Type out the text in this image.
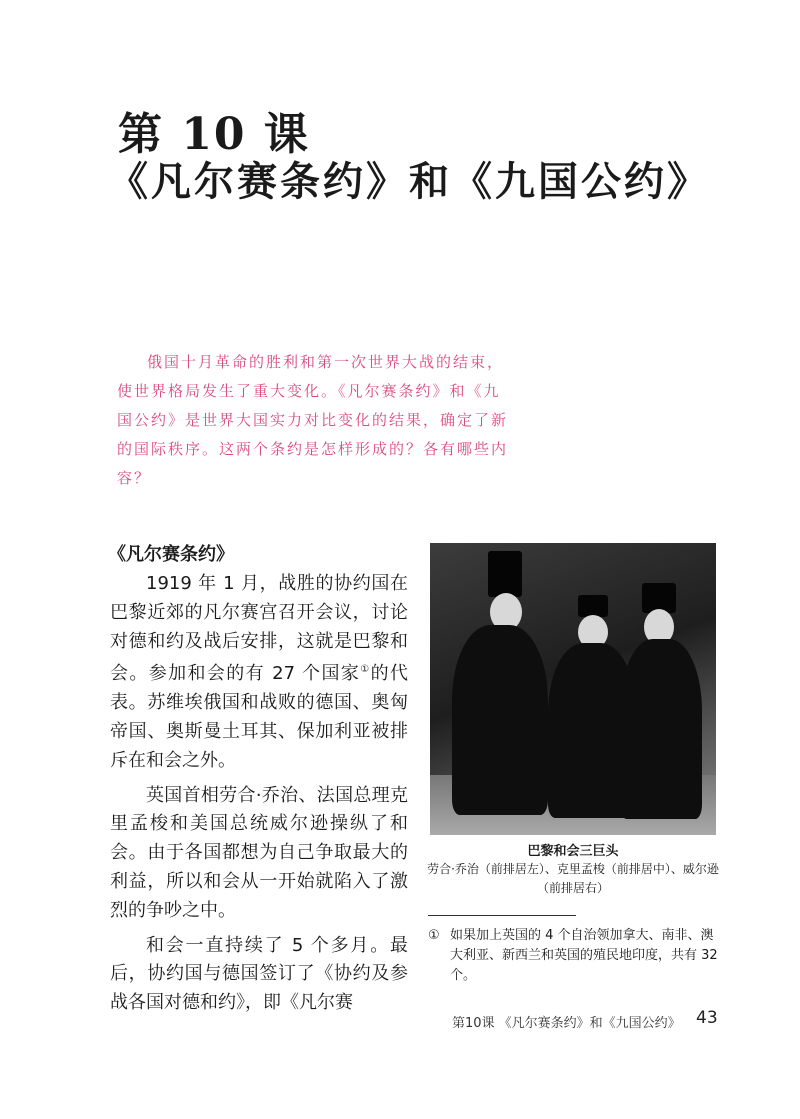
第 10 课
《凡尔赛条约》和《九国公约》
俄国十月革命的胜利和第一次世界大战的结束，使世界格局发生了重大变化。《凡尔赛条约》和《九国公约》是世界大国实力对比变化的结果，确定了新的国际秩序。这两个条约是怎样形成的？各有哪些内容？
《凡尔赛条约》

1919 年 1 月，战胜的协约国在巴黎近郊的凡尔赛宫召开会议，讨论对德和约及战后安排，这就是巴黎和会。参加和会的有 27 个国家①的代表。苏维埃俄国和战败的德国、奥匈帝国、奥斯曼土耳其、保加利亚被排斥在和会之外。

英国首相劳合·乔治、法国总理克里孟梭和美国总统威尔逊操纵了和会。由于各国都想为自己争取最大的利益，所以和会从一开始就陷入了激烈的争吵之中。

和会一直持续了 5 个多月。最后，协约国与德国签订了《协约及参战各国对德和约》，即《凡尔赛

巴黎和会三巨头
劳合·乔治（前排居左）、克里孟梭（前排居中）、威尔逊（前排居右）
① 如果加上英国的 4 个自治领加拿大、南非、澳大利亚、新西兰和英国的殖民地印度，共有 32 个。
第10课 《凡尔赛条约》和《九国公约》 43
